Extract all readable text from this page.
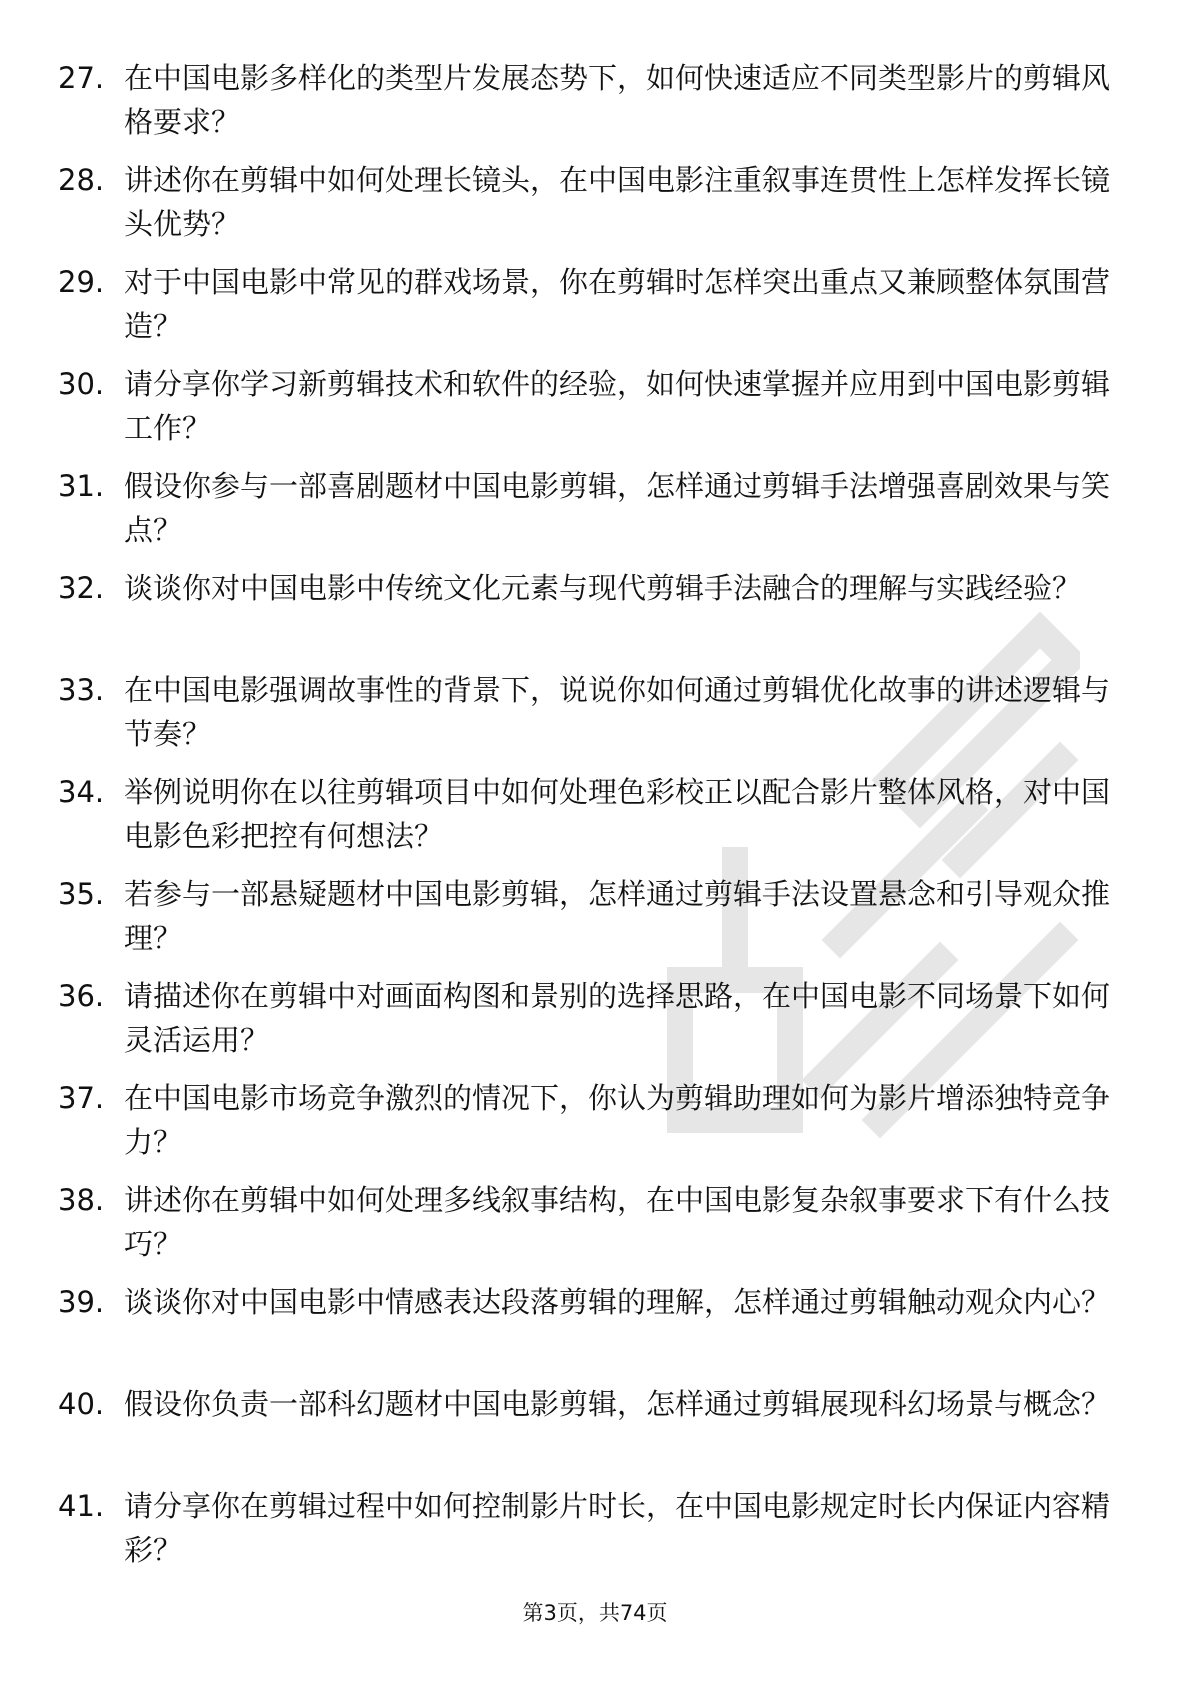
27. 在中国电影多样化的类型片发展态势下，如何快速适应不同类型影片的剪辑风格要求？
28. 讲述你在剪辑中如何处理长镜头，在中国电影注重叙事连贯性上怎样发挥长镜头优势？
29. 对于中国电影中常见的群戏场景，你在剪辑时怎样突出重点又兼顾整体氛围营造？
30. 请分享你学习新剪辑技术和软件的经验，如何快速掌握并应用到中国电影剪辑工作？
31. 假设你参与一部喜剧题材中国电影剪辑，怎样通过剪辑手法增强喜剧效果与笑点？
32. 谈谈你对中国电影中传统文化元素与现代剪辑手法融合的理解与实践经验？
33. 在中国电影强调故事性的背景下，说说你如何通过剪辑优化故事的讲述逻辑与节奏？
34. 举例说明你在以往剪辑项目中如何处理色彩校正以配合影片整体风格，对中国电影色彩把控有何想法？
35. 若参与一部悬疑题材中国电影剪辑，怎样通过剪辑手法设置悬念和引导观众推理？
36. 请描述你在剪辑中对画面构图和景别的选择思路，在中国电影不同场景下如何灵活运用？
37. 在中国电影市场竞争激烈的情况下，你认为剪辑助理如何为影片增添独特竞争力？
38. 讲述你在剪辑中如何处理多线叙事结构，在中国电影复杂叙事要求下有什么技巧？
39. 谈谈你对中国电影中情感表达段落剪辑的理解，怎样通过剪辑触动观众内心？
40. 假设你负责一部科幻题材中国电影剪辑，怎样通过剪辑展现科幻场景与概念？
41. 请分享你在剪辑过程中如何控制影片时长，在中国电影规定时长内保证内容精彩？
第3页，共74页
